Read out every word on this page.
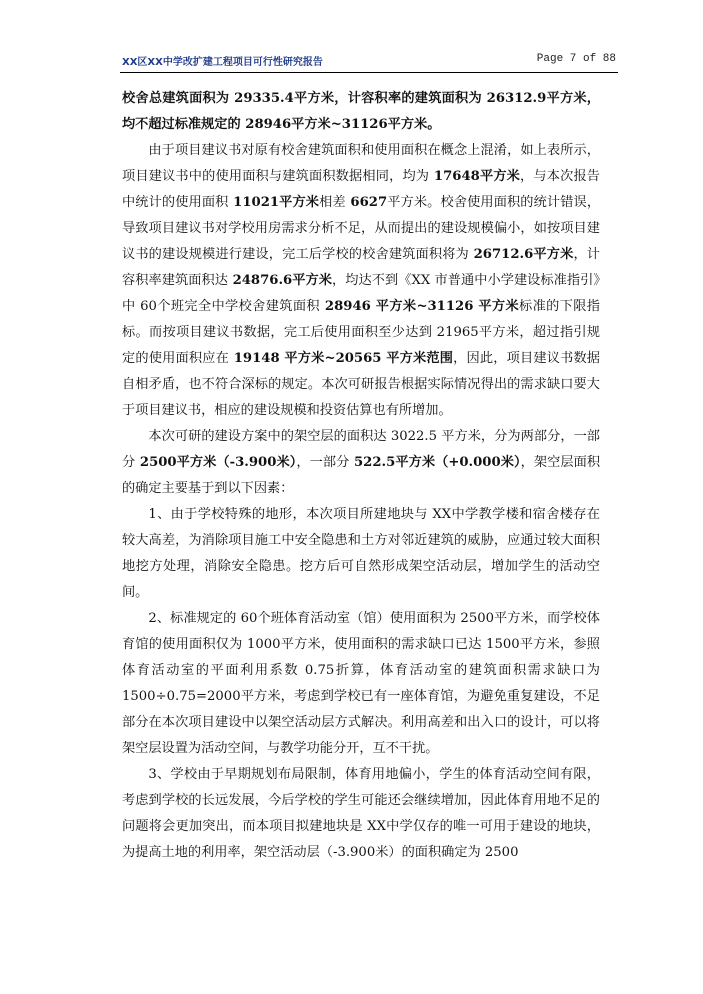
XX区XX中学改扩建工程项目可行性研究报告	Page 7 of 88

校舍总建筑面积为 29335.4平方米，计容积率的建筑面积为 26312.9平方米，均不超过标准规定的 28946平方米~31126平方米。

由于项目建议书对原有校舍建筑面积和使用面积在概念上混淆，如上表所示，项目建议书中的使用面积与建筑面积数据相同，均为 17648平方米，与本次报告中统计的使用面积 11021平方米相差 6627平方米。校舍使用面积的统计错误，导致项目建议书对学校用房需求分析不足，从而提出的建设规模偏小，如按项目建议书的建设规模进行建设，完工后学校的校舍建筑面积将为 26712.6平方米，计容积率建筑面积达 24876.6平方米，均达不到《XX 市普通中小学建设标准指引》中 60个班完全中学校舍建筑面积 28946 平方米~31126 平方米标准的下限指标。而按项目建议书数据，完工后使用面积至少达到 21965平方米，超过指引规定的使用面积应在 19148 平方米~20565 平方米范围，因此，项目建议书数据自相矛盾，也不符合深标的规定。本次可研报告根据实际情况得出的需求缺口要大于项目建议书，相应的建设规模和投资估算也有所增加。

本次可研的建设方案中的架空层的面积达 3022.5 平方米，分为两部分，一部分 2500平方米（-3.900米），一部分 522.5平方米（+0.000米），架空层面积的确定主要基于到以下因素：

1、由于学校特殊的地形，本次项目所建地块与 XX中学教学楼和宿舍楼存在较大高差，为消除项目施工中安全隐患和土方对邻近建筑的威胁，应通过较大面积地挖方处理，消除安全隐患。挖方后可自然形成架空活动层，增加学生的活动空间。

2、标准规定的 60个班体育活动室（馆）使用面积为 2500平方米，而学校体育馆的使用面积仅为 1000平方米，使用面积的需求缺口已达 1500平方米，参照体育活动室的平面利用系数 0.75折算，体育活动室的建筑面积需求缺口为 1500÷0.75=2000平方米，考虑到学校已有一座体育馆，为避免重复建设，不足部分在本次项目建设中以架空活动层方式解决。利用高差和出入口的设计，可以将架空层设置为活动空间，与教学功能分开，互不干扰。

3、学校由于早期规划布局限制，体育用地偏小，学生的体育活动空间有限，考虑到学校的长远发展，今后学校的学生可能还会继续增加，因此体育用地不足的问题将会更加突出，而本项目拟建地块是 XX中学仅存的唯一可用于建设的地块，为提高土地的利用率，架空活动层（-3.900米）的面积确定为 2500
